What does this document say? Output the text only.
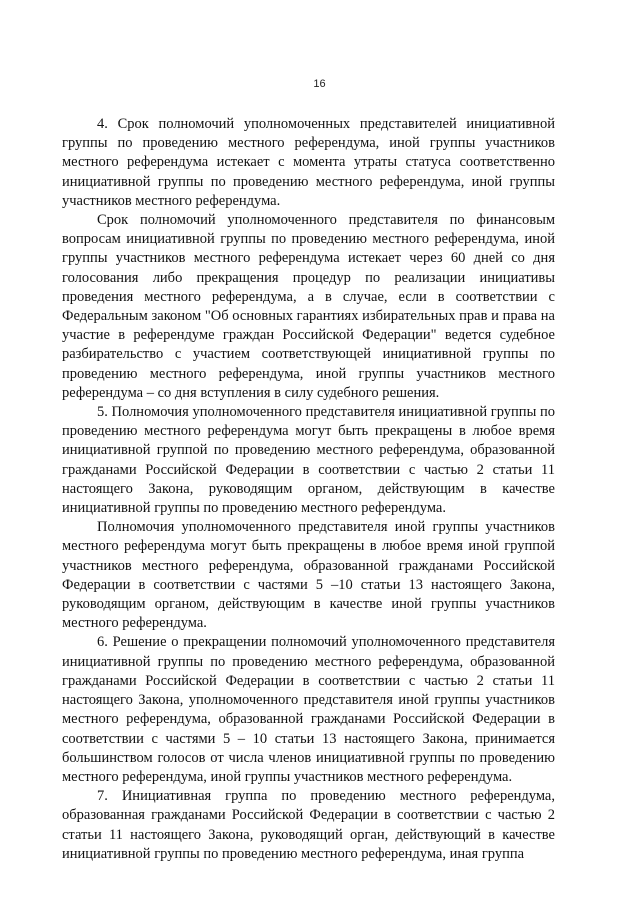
16

4. Срок полномочий уполномоченных представителей инициативной группы по проведению местного референдума, иной группы участников местного референдума истекает с момента утраты статуса соответственно инициативной группы по проведению местного референдума, иной группы участников местного референдума.

Срок полномочий уполномоченного представителя по финансовым вопросам инициативной группы по проведению местного референдума, иной группы участников местного референдума истекает через 60 дней со дня голосования либо прекращения процедур по реализации инициативы проведения местного референдума, а в случае, если в соответствии с Федеральным законом "Об основных гарантиях избирательных прав и права на участие в референдуме граждан Российской Федерации" ведется судебное разбирательство с участием соответствующей инициативной группы по проведению местного референдума, иной группы участников местного референдума – со дня вступления в силу судебного решения.

5. Полномочия уполномоченного представителя инициативной группы по проведению местного референдума могут быть прекращены в любое время инициативной группой по проведению местного референдума, образованной гражданами Российской Федерации в соответствии с частью 2 статьи 11 настоящего Закона, руководящим органом, действующим в качестве инициативной группы по проведению местного референдума.

Полномочия уполномоченного представителя иной группы участников местного референдума могут быть прекращены в любое время иной группой участников местного референдума, образованной гражданами Российской Федерации в соответствии с частями 5 –10 статьи 13 настоящего Закона, руководящим органом, действующим в качестве иной группы участников местного референдума.

6. Решение о прекращении полномочий уполномоченного представителя инициативной группы по проведению местного референдума, образованной гражданами Российской Федерации в соответствии с частью 2 статьи 11 настоящего Закона, уполномоченного представителя иной группы участников местного референдума, образованной гражданами Российской Федерации в соответствии с частями 5 – 10 статьи 13 настоящего Закона, принимается большинством голосов от числа членов инициативной группы по проведению местного референдума, иной группы участников местного референдума.

7. Инициативная группа по проведению местного референдума, образованная гражданами Российской Федерации в соответствии с частью 2 статьи 11 настоящего Закона, руководящий орган, действующий в качестве инициативной группы по проведению местного референдума, иная группа
